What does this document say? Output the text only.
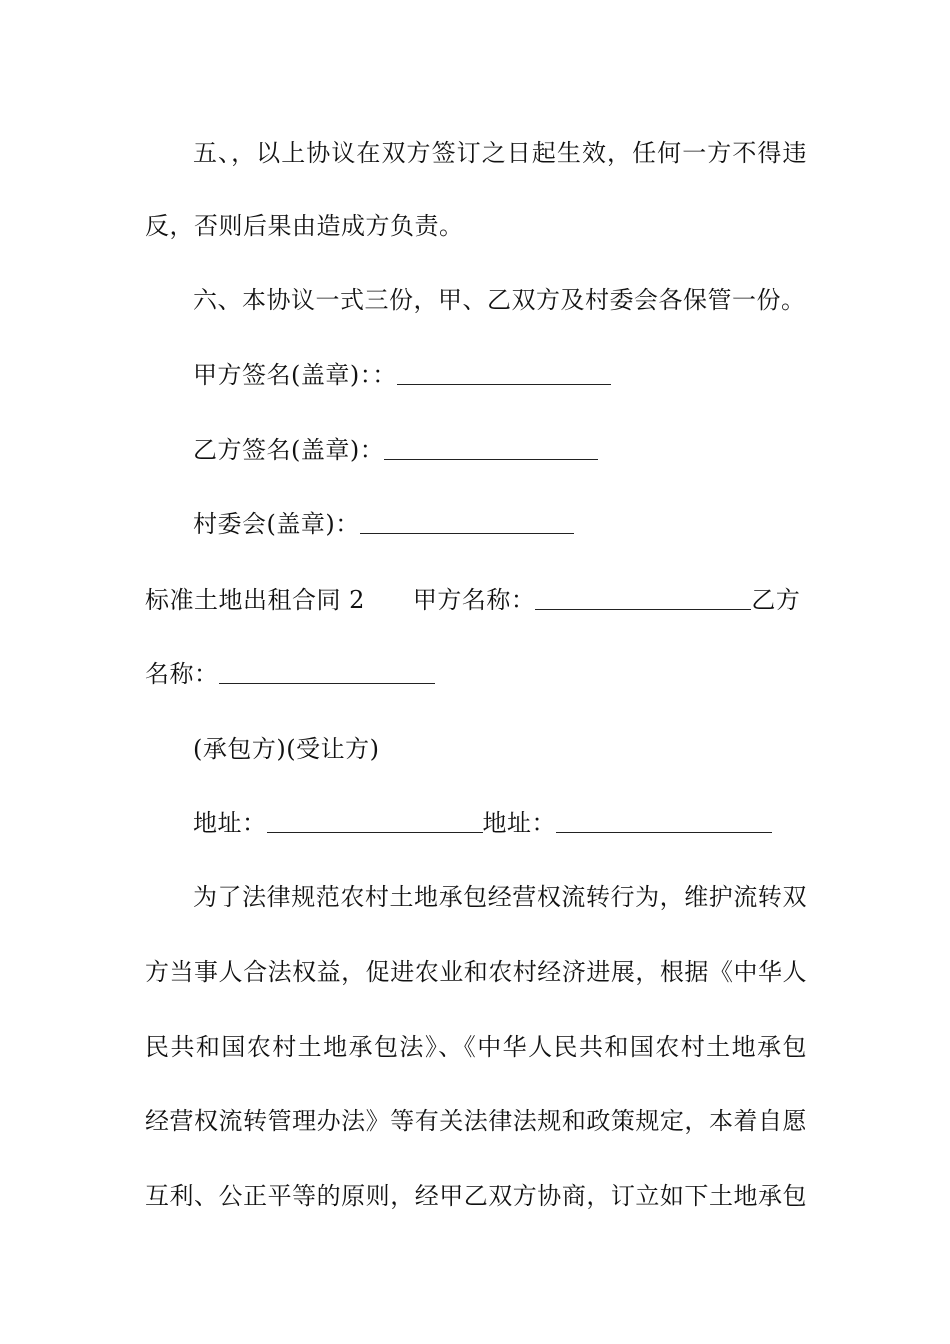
五、，以上协议在双方签订之日起生效，任何一方不得违
反，否则后果由造成方负责。
六、本协议一式三份，甲、乙双方及村委会各保管一份。
甲方签名(盖章)：：
乙方签名(盖章)：
村委会(盖章)：
标准土地出租合同 2 甲方名称：	乙方
名称：
(承包方)(受让方)
地址：	地址：
为了法律规范农村土地承包经营权流转行为，维护流转双
方当事人合法权益，促进农业和农村经济进展，根据《中华人
民共和国农村土地承包法》、《中华人民共和国农村土地承包
经营权流转管理办法》等有关法律法规和政策规定，本着自愿
互利、公正平等的原则，经甲乙双方协商，订立如下土地承包
